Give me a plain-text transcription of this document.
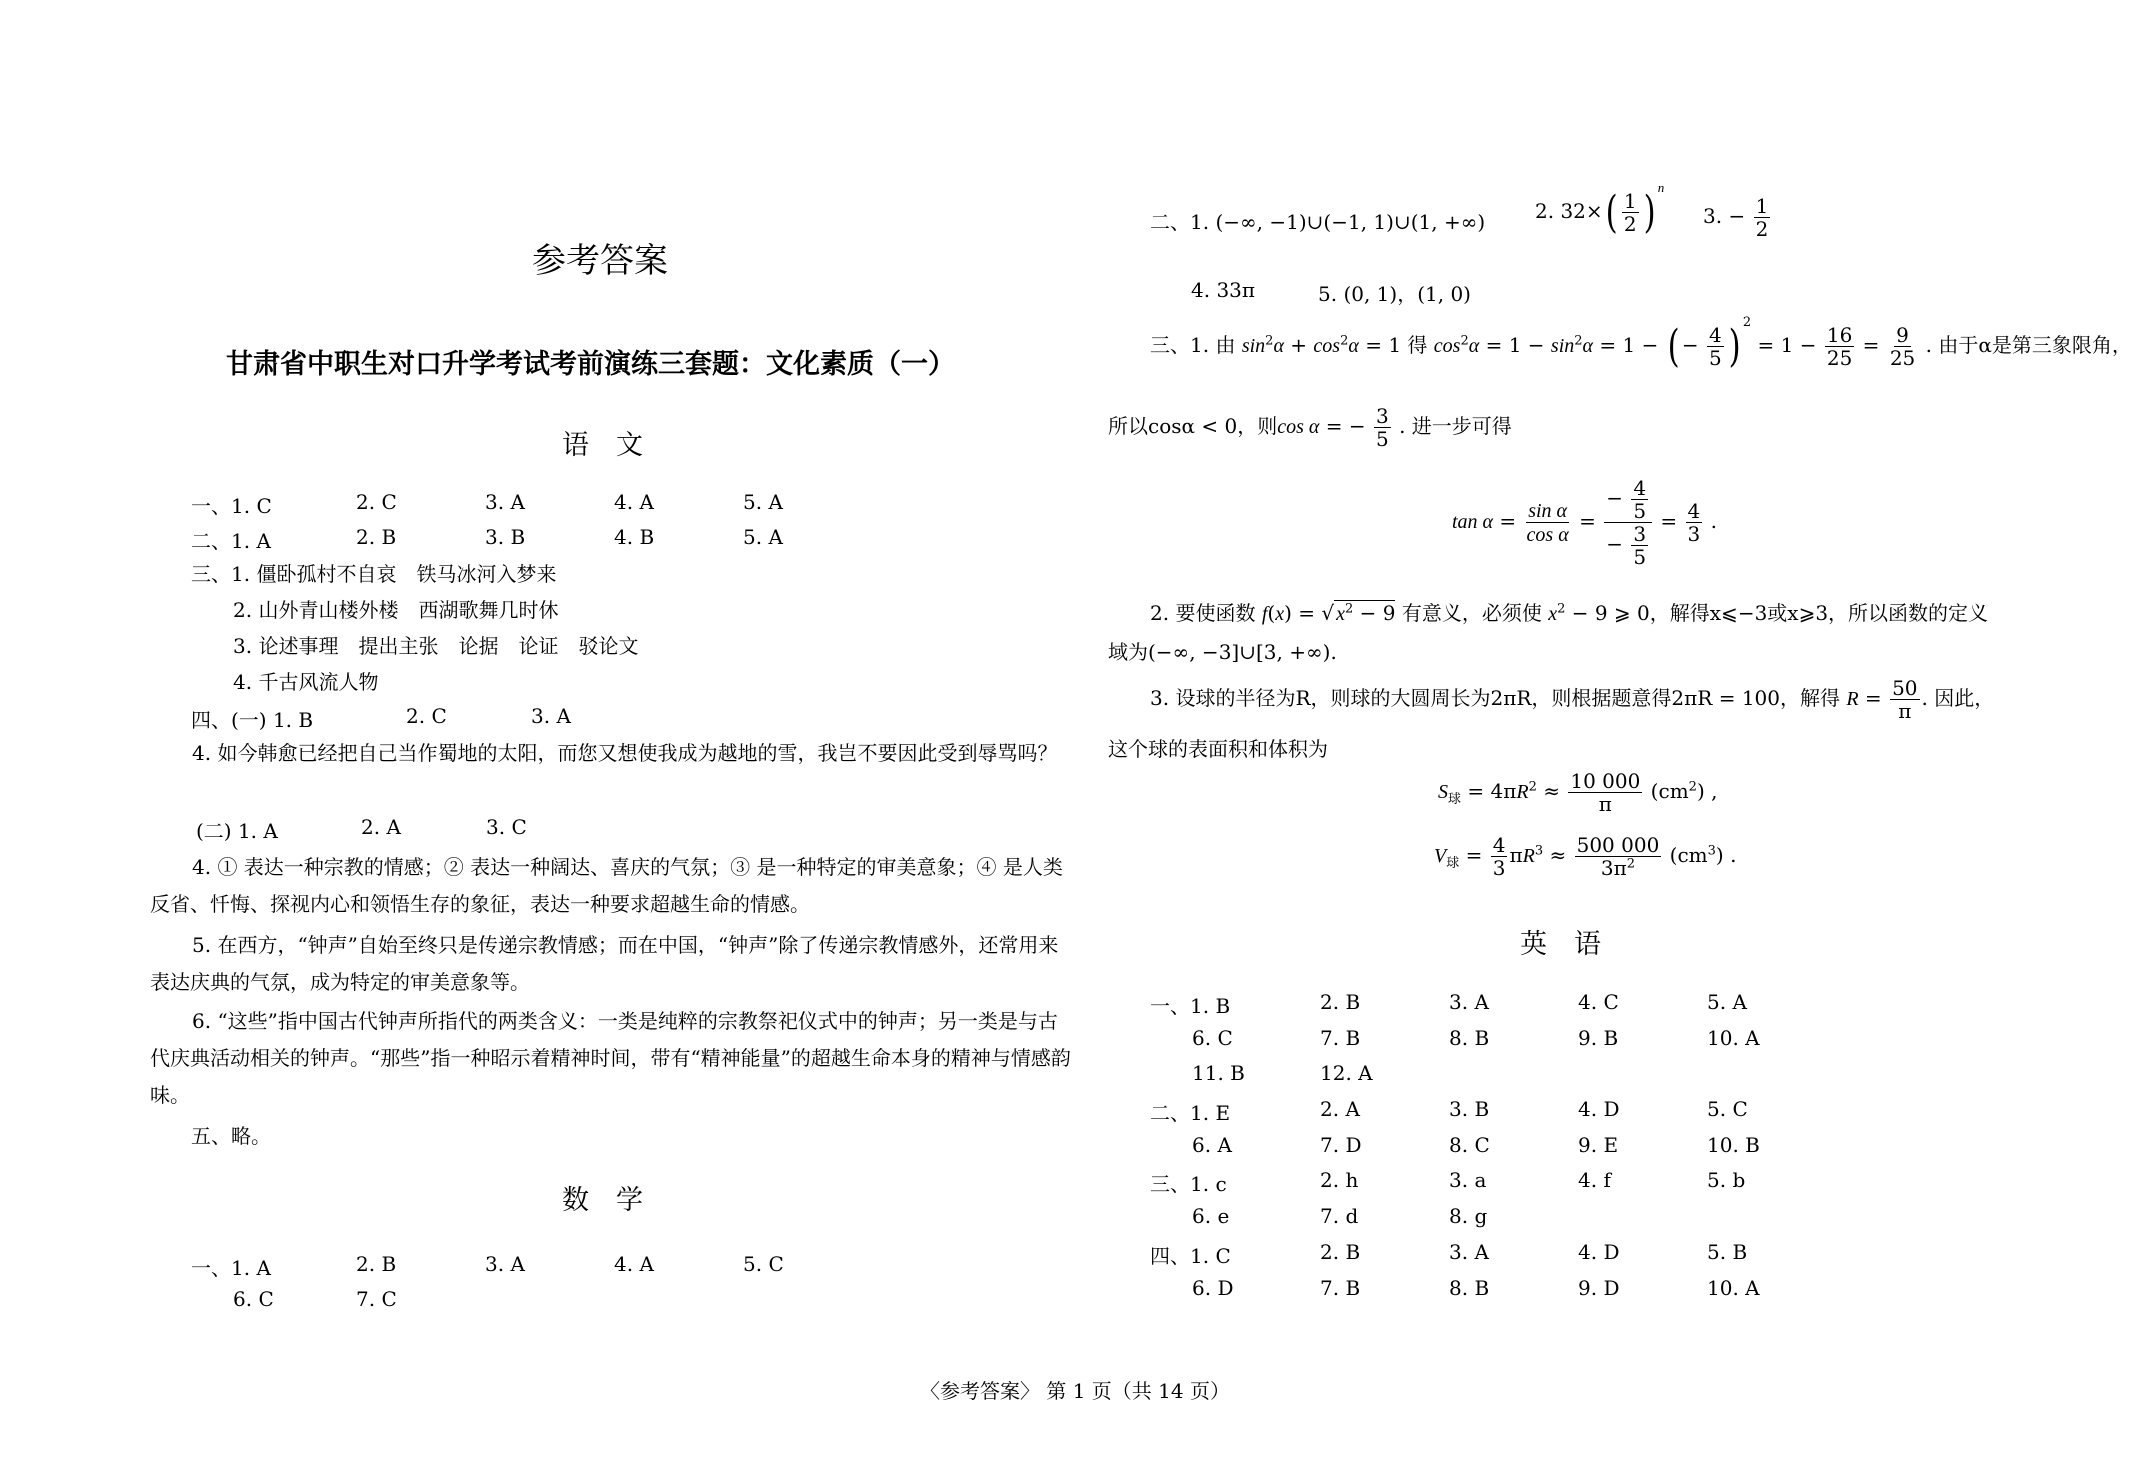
参考答案
甘肃省中职生对口升学考试考前演练三套题：文化素质（一）
语　文
一、1. C	2. C	3. A	4. A	5. A
二、1. A	2. B	3. B	4. B	5. A
三、1. 僵卧孤村不自哀　铁马冰河入梦来
2. 山外青山楼外楼　西湖歌舞几时休
3. 论述事理　提出主张　论据　论证　驳论文
4. 千古风流人物
四、(一) 1. B	2. C	3. A
4. 如今韩愈已经把自己当作蜀地的太阳，而您又想使我成为越地的雪，我岂不要因此受到辱骂吗？
(二) 1. A	2. A	3. C
4. ① 表达一种宗教的情感；② 表达一种阔达、喜庆的气氛；③ 是一种特定的审美意象；④ 是人类反省、忏悔、探视内心和领悟生存的象征，表达一种要求超越生命的情感。
5. 在西方，“钟声”自始至终只是传递宗教情感；而在中国，“钟声”除了传递宗教情感外，还常用来表达庆典的气氛，成为特定的审美意象等。
6. “这些”指中国古代钟声所指代的两类含义：一类是纯粹的宗教祭祀仪式中的钟声；另一类是与古代庆典活动相关的钟声。“那些”指一种昭示着精神时间，带有“精神能量”的超越生命本身的精神与情感韵味。
五、略。
数　学
一、1. A	2. B	3. A	4. A	5. C
6. C	7. C
二、1. (−∞, −1)∪(−1, 1)∪(1, +∞) 2. $32\times( \frac{1}{2}$ ) $^n$
3. − $\frac{1}{2}$
4. 33π	5. (0, 1)，(1, 0)
三、1. 由 $\sin^2\alpha + \cos^2\alpha = 1$ 得 $\cos^2\alpha = 1 - \sin^2\alpha = 1$ − ( − $\frac{4}{5}$ ) $^2 = 1 - \frac{16}{25} = \frac{9}{25}$ . 由于α是第三象限角，
所以cosα < 0，则cos α = − $\frac{3}{5}$ . 进一步可得
$\tan \alpha = \frac{\text{sin α}}{\text{cos α}} = \frac{- \frac{4}{5}}{- \frac{3}{5}} = \frac{4}{3}$ .
2. 要使函数 f(x) = √ $x^2 - 9$ 有意义，必须使 $x^2 - 9$ ⩾ 0，解得x⩽−3或x⩾3，所以函数的定义
域为(−∞, −3]∪[3, +∞).
3. 设球的半径为R，则球的大圆周长为2πR，则根据题意得2πR = 100，解得 $R = \frac{50}{\pi}$ . 因此，
这个球的表面积和体积为
$S_球 = 4\pi R^2 \approx \frac{10 000}{\pi} (cm^2)$ ,
$V_球 = \frac{4}{3} \pi R^3 \approx \frac{500 000}{3\pi^2} (cm^3)$ .
英　语
一、1. B	2. B	3. A	4. C	5. A
6. C	7. B	8. B	9. B	10. A
11. B	12. A
二、1. E	2. A	3. B	4. D	5. C
6. A	7. D	8. C	9. E	10. B
三、1. c	2. h	3. a	4. f	5. b
6. e	7. d	8. g
四、1. C	2. B	3. A	4. D	5. B
6. D	7. B	8. B	9. D	10. A
〈参考答案〉 第 1 页（共 14 页）
